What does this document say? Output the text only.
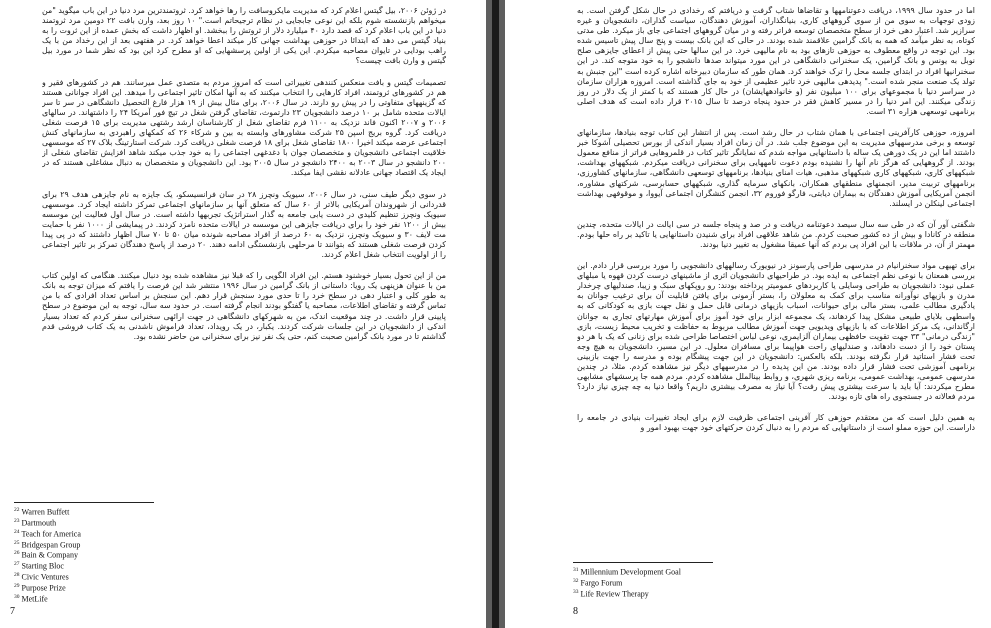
در ژوئن ۲۰۰۶، بیل گیتس اعلام کرد که مدیریت مایکروسافت را رها خواهد کرد. ثروتمندترین مرد دنیا در این باب میگوید "من میخواهم بازنشسته شوم بلکه این نوعی جابجایی در نظام ترجیحاتم است." ۱۰ روز بعد، وارن بافت ۲۲ دومین مرد ثروتمند دنیا در این باب اعلام کرد که قصد دارد ۴۰ میلیارد دلار از ثروتش را ببخشد. او اظهار داشت که بخش عمده از این ثروت را به بنیاد گیتس می دهد که ابتدائا در حوزهی بهداشت جهانی کار میکند اعطا خواهد کرد. در هفتهی بعد از این رخداد من با یک راهب بودایی در تایوان مصاحبه میکردم. این یکی از اولین پرسشهایی که او مطرح کرد این بود که نظر شما در مورد بیل گیتس و وارن بافت چیست؟

تصمیمات گیتس و بافت منعکس کنندهی تغییراتی است که امروز مردم به متصدی عمل میرسانند. هم در کشورهای فقیر و هم در کشورهای ثروتمند، افراد کارهایی را انتخاب میکنند که به آنها امکان تاثیر اجتماعی را میدهد. این افراد جوانانی هستند که گزینههای متفاوتی را در پیش رو دارند. در سال ۲۰۰۶، برای مثال بیش از ۱۹ هزار فارغ التحصیل دانشگاهی در سر تا سر ایالات متحده شامل بر ۱۰ درصد دانشجویان ۲۳ دارتموث، تقاضای گرفتن شغل در تیچ فور آمریکا ۲۴ را داشتهاند. در سالهای ۲۰۰۶ و ۲۰۰۷ اکنون فاند نزدیک به ۱۱۰۰ فرم تقاضای شغل از کارشناسان ارشد رشتهی مدیریت برای ۱۵ فرصت شغلی دریافت کرد. گروه بریج اسپن ۲۵ شرکت مشاورهای وابسته به بین و شرکاء ۲۶ که کمکهای راهبردی به سازمانهای کنش اجتماعی عرضه میکند اخیرا ۱۸۰۰ تقاضای شغل برای ۱۸ فرصت شغلی دریافت کرد. شرکت استارتینگ بلاک ۲۷ که موسسهی خلاقیت اجتماعی دانشجویان و متخصصان جوان با دغدغهی اجتماعی را به خود جذب میکند شاهد افزایش تقاضای شغلی از ۲۰۰ دانشجو در سال ۲۰۰۳ به ۲۴۰۰ دانشجو در سال ۲۰۰۵ بود. این دانشجویان و متخصصان به دنبال مشاغلی هستند که در ایجاد یک اقتصاد جهانی عادلانه نقشی ایفا میکند.

در سوی دیگر طیف سنی، در سال ۲۰۰۶، سیویک ونچرز ۲۸ در سان فرانسیسکو، یک جایزه به نام جایزهی هدف ۲۹ برای قدردانی از شهروندان آمریکایی بالاتر از ۶۰ سال که متعلق آنها بر سازمانهای اجتماعی تمرکز داشته ایجاد کرد. موسسهی سیویک ونچرز تنظیم کلیدی در دست یابی جامعه به گذار استراتژیک تجربهها داشته است. در سال اول فعالیت این موسسه بیش از ۱۲۰۰ نفر خود را برای دریافت جایزهی این موسسه در ایالات متحده نامزد کردند. در پیمایشی از ۱۰۰۰ نفر با حمایت مت لایف ۳۰ و سیویک ونچرز، نزدیک به ۶۰ درصد از افراد مصاحبه شونده میان ۵۰ تا ۷۰ سال اظهار داشتند که در پی پیدا کردن فرصت شغلی هستند که بتوانند تا مرحلهی بازنشستگی ادامه دهند. ۲۰ درصد از پاسخ دهندگان تمرکز بر تاثیر اجتماعی را از اولویت انتخاب شغل اعلام کردند.

من از این تحول بسیار خوشنود هستم. این افراد الگویی را که قبلا نیز مشاهده شده بود دنبال میکنند. هنگامی که اولین کتاب من با عنوان هزینهی یک رویا: داستانی از بانک گرامین در سال ۱۹۹۶ منتشر شد این فرصت را یافتم که میزان توجه به بانک به طور کلی و اعتبار دهی در سطح خرد را تا حدی مورد سنجش قرار دهم. این سنجش بر اساس تعداد افرادی که با من تماس گرفته و تقاضای اطلاعات، مصاحبه یا گفتگو بودند انجام گرفته است. در حدود سه سال، توجه به این موضوع در سطح پایینی قرار داشت. در چند موقعیت اندک، من به شهرکهای دانشگاهی در جهت ارائهی سخنرانی سفر کردم که تعداد بسیار اندکی از دانشجویان در این جلسات شرکت کردند. یکبار، در یک رویداد، تعداد فراموش ناشدنی به یک کتاب فروشی قدم گذاشتم تا در مورد بانک گرامین صحبت کنم، حتی یک نفر نیز برای سخنرانی من حاضر نشده بود.

$^{22}$ Warren Buffett
$^{23}$ Dartmouth
$^{24}$ Teach for America
$^{25}$ Bridgespan Group
$^{26}$ Bain & Company
$^{27}$ Starting Bloc
$^{28}$ Civic Ventures
$^{29}$ Purpose Prize
$^{30}$ MetLife
7

اما در حدود سال ۱۹۹۹، دریافت دعوتنامهها و تقاضاها شتاب گرفت و دریافتم که رخدادی در حال شکل گرفتن است. به زودی توجهات به سوی من از سوی گروههای کاری، بنیانگذاران، آموزش دهندگان، سیاست گذاران، دانشجویان و غیره سرازیر شد. اعتبار دهی خرد از سطح متخصصان توسعه فراتر رفته و در میان گروههای اجتماعی جای باز میکرد. طی مدتی کوتاه، به نظر میآمد که همه به بانک گرامین علاقمند شده بودند. در حالی که این بانک بیست و پنج سال پیش تاسیس شده بود. این توجه در واقع معطوف به حوزهی تازهای بود به نام مالیهی خرد. در این سالها حتی پیش از اعطای جایزهی صلح نوبل به یونس و بانک گرامین، یک سخنرانی دانشگاهی در این مورد میتواند صدها دانشجو را به خود متوجه کند. در این سخنرانیها افراد در ابتدای جلسه محل را ترک خواهند کرد. همان طور که سازمان دبیرخانه اشاره کرده است "این جنبش به تولد یک صنعت منجر شده است." پدیدهی مالیهی خرد تاثیر عظیمی از خود به جای گذاشته است. امروزه هزاران سازمان در سراسر دنیا با مجموعهای برای ۱۰۰ میلیون نفر (و خانوادههایشان) در حال کار هستند که با کمتر از یک دلار در روز زندگی میکنند. این امر دنیا را در مسیر کاهش فقر در حدود پنجاه درصد تا سال ۲۰۱۵ قرار داده است که هدف اصلی برنامهی توسعهی هزاره ۳۱ است.

امروزه، حوزهی کارآفرینی اجتماعی با همان شتاب در حال رشد است. پس از انتشار این کتاب توجه بنیادها، سازمانهای توسعه و برخی مدرسههای مدیریت به این موضوع جلب شد. در آن زمان افراد بسیار اندکی از بورس تحصیلی آشوکا خبر داشتند اما این در یک دورهی یک ساله با داستانهایی مواجه شدم که نمایانگر تاثیر کتاب در قلمروهایی فراتر از منافع معمول بودند. از گروههایی که هرگز نام آنها را نشنیده بودم دعوت نامههایی برای سخنرانی دریافت میکردم. شبکههای بهداشت، شبکههای کاری، شبکههای کاری شبکههای مذهبی، هیات امنای بنیادها، برنامههای توسعهی دانشگاهی، سازمانهای کشاورزی، برنامههای تربیت مدیر، انجمنهای منطقهای همکاران، بانکهای سرمایه گذاری، شبکههای حسابرسی، شرکتهای مشاوره، انجمن آمریکایی آموزش دهندگان به بیماران دیابتی، فارگو فوروم ۳۲، انجمن کنشگران اجتماعی آیووا، و موقوفهی بهداشت اجتماعی لینکلن در ایسلند.

شگفتی آور آن که در طی سه سال سیصد دعوتنامه دریافت و در صد و پنجاه جلسه در سی ایالت در ایالات متحده، چندین منطقه در کانادا و بیش از ده کشور صحبت کردم. من شاهد علاقهی افراد برای شنیدن داستانهایی یا تاکید بر راه حلها بودم. مهمتر از آن، در ملاقات با این افراد پی بردم که آنها عمیقا مشغول به تغییر دنیا بودند.

برای تهیهی مواد سخنرانیام در مدرسهی طراحی پارسونز در نیویورک رسالههای دانشجویی را مورد بررسی قرار دادم. این بررسی همعنان با نوعی نظم اجتماعی به ایده بود. در طراحیهای دانشجویان اثری از ماشینهای درست کردن قهوه یا مبلهای عملی نبود: دانشجویان به طراحی وسایلی یا کاربردهای عمومیتر پرداخته بودند: رو روپکهای سبک و زیبا، صندلیهای چرخدار مدرن و بازیهای نوآورانه مناسب برای کمک به معلولان را، بستر آزمونی برای یافتن قابلیت آن برای ترغیب جوانان به یادگیری مطالب علمی، بستر مالی برای حیوانات، اسباب بازیهای درمانی قابل حمل و نقل جهت بازی به کودکانی که به واسطهی بلایای طبیعی مشکل پیدا کردهاند، یک مجموعه ابزار برای خود آموز برای آموزش مهارتهای تجاری به جوانان ارگاندانی، یک مرکز اطلاعات که با بازیهای ویدیویی جهت آموزش مطالب مربوط به حفاظت و تخریب محیط زیست، بازی "زندگی درمانی" ۳۳ جهت تقویت حافظهی بیماران آلزایمری، نوعی لباس اختصاصا طراحی شده برای زنانی که یک با هر دو پستان خود را از دست دادهاند، و صندلیهای راحت هواپیما برای مسافران معلول. در این مسیر، دانشجویان به هیچ وجه تحت فشار استاتید قرار نگرفته بودند. بلکه بالعکس: دانشجویان در این جهت پیشگام بوده و مدرسه را جهت بازبینی برنامهی آموزشی تحت فشار قرار داده بودند. من این پدیده را در مدرسههای دیگر نیز مشاهده کردم. مثلا، در چندین مدرسهی عمومی، بهداشت عمومی، برنامه ریزی شهری، و روابط بینالملل مشاهده کردم. مردم همه جا پرسشهای مشابهی مطرح میکردند: آیا باید با سرعت بیشتری پیش رفت؟ آیا نیاز به مصرف بیشتری داریم؟ واقعا دنیا به چه چیزی نیاز دارد؟ مردم فعالانه در جستجوی راه های تازه بودند.

به همین دلیل است که من معتقدم حوزهی کار آفرینی اجتماعی ظرفیت لازم برای ایجاد تغییرات بنیادی در جامعه را داراست. این حوزه مملو است از داستانهایی که مردم را به دنبال کردن حرکتهای خود جهت بهبود امور و

$^{31}$ Millennium Development Goal
$^{32}$ Fargo Forum
$^{33}$ Life Review Therapy
8
